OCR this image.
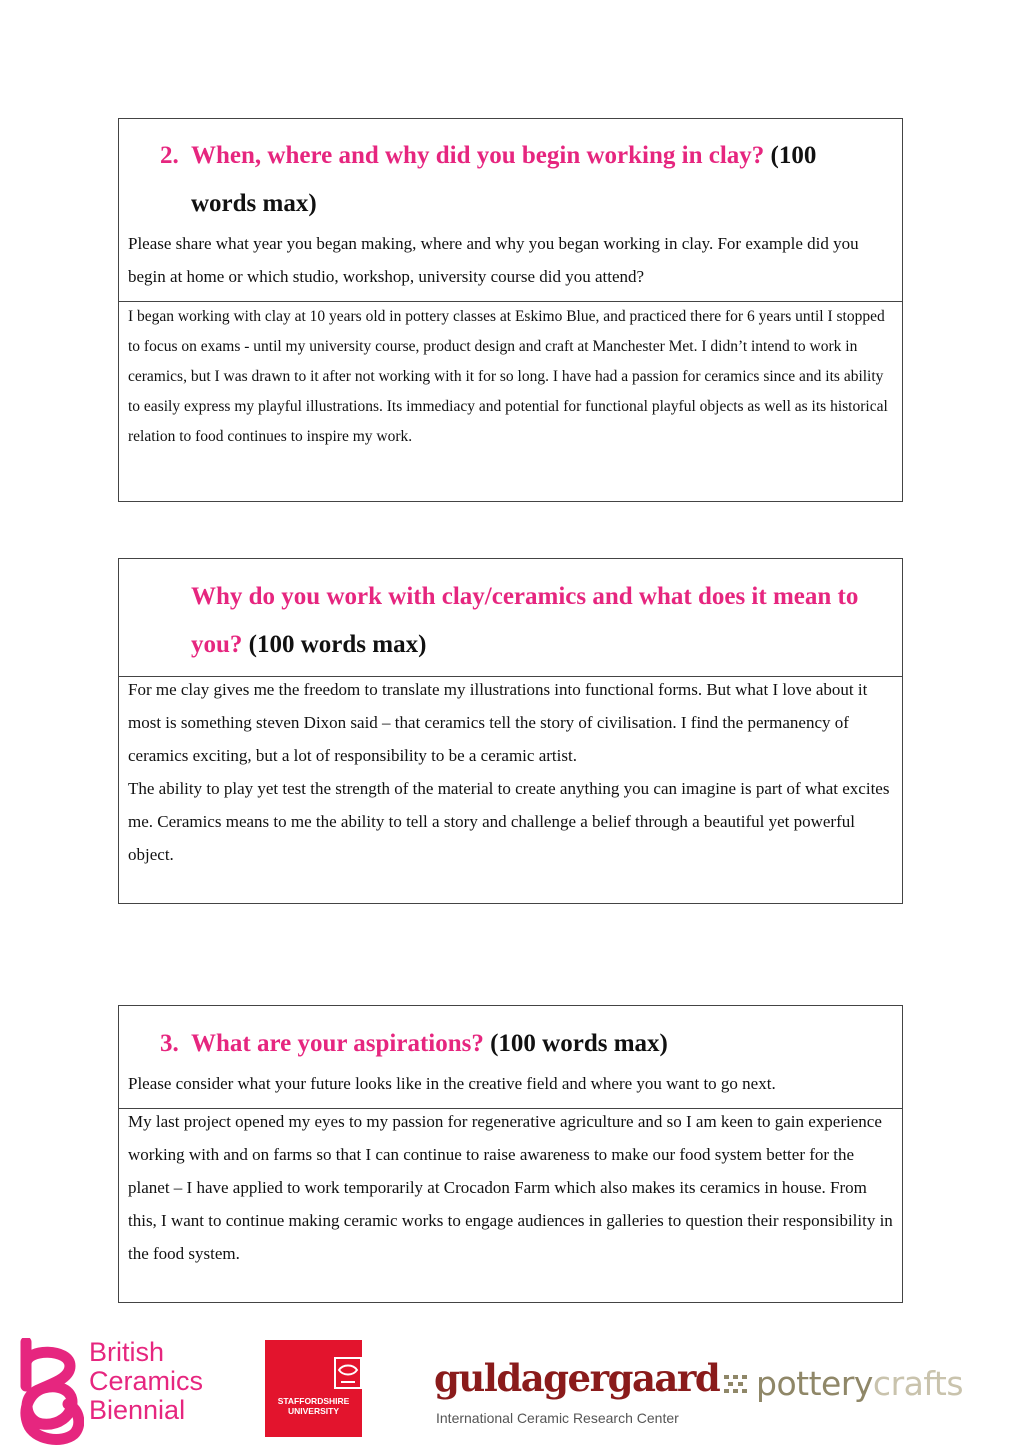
2. When, where and why did you begin working in clay? (100
words max)

Please share what year you began making, where and why you began working in clay. For example did you begin at home or which studio, workshop, university course did you attend?

I began working with clay at 10 years old in pottery classes at Eskimo Blue, and practiced there for 6 years until I stopped to focus on exams - until my university course, product design and craft at Manchester Met. I didn’t intend to work in ceramics, but I was drawn to it after not working with it for so long. I have had a passion for ceramics since and its ability to easily express my playful illustrations. Its immediacy and potential for functional playful objects as well as its historical relation to food continues to inspire my work.

Why do you work with clay/ceramics and what does it mean to
you? (100 words max)

For me clay gives me the freedom to translate my illustrations into functional forms. But what I love about it most is something steven Dixon said – that ceramics tell the story of civilisation. I find the permanency of ceramics exciting, but a lot of responsibility to be a ceramic artist.

The ability to play yet test the strength of the material to create anything you can imagine is part of what excites me. Ceramics means to me the ability to tell a story and challenge a belief through a beautiful yet powerful object.

3. What are your aspirations? (100 words max)

Please consider what your future looks like in the creative field and where you want to go next.

My last project opened my eyes to my passion for regenerative agriculture and so I am keen to gain experience working with and on farms so that I can continue to raise awareness to make our food system better for the planet – I have applied to work temporarily at Crocadon Farm which also makes its ceramics in house. From this, I want to continue making ceramic works to engage audiences in galleries to question their responsibility in the food system.

British
Ceramics
Biennial	STAFFORDSHIRE
UNIVERSITY
guldagergaard
International Ceramic Research Center
potterycrafts
